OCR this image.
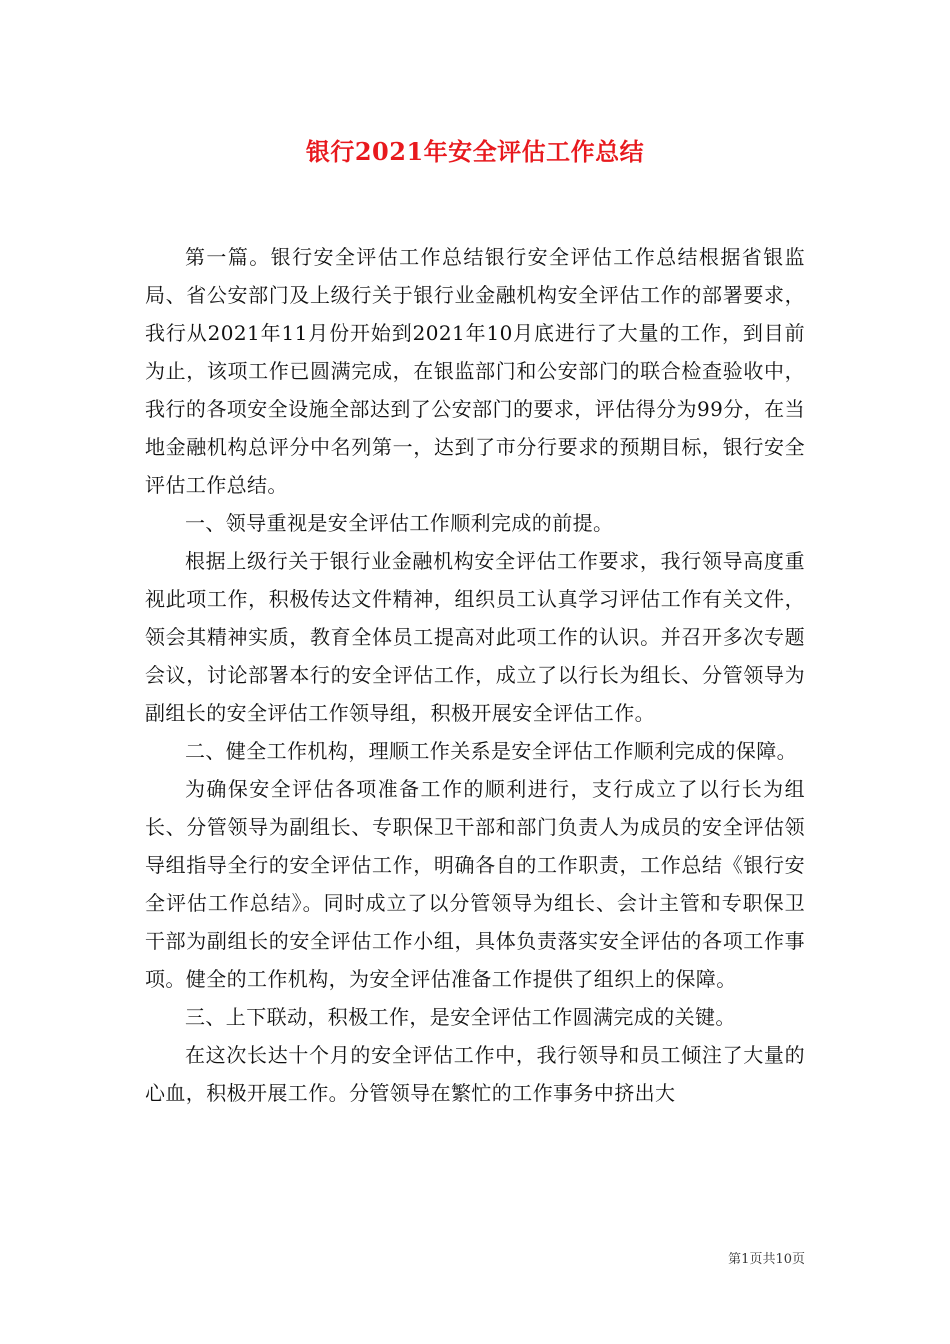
银行2021年安全评估工作总结

第一篇。银行安全评估工作总结银行安全评估工作总结根据省银监局、省公安部门及上级行关于银行业金融机构安全评估工作的部署要求，我行从2021年11月份开始到2021年10月底进行了大量的工作，到目前为止，该项工作已圆满完成，在银监部门和公安部门的联合检查验收中，我行的各项安全设施全部达到了公安部门的要求，评估得分为99分，在当地金融机构总评分中名列第一，达到了市分行要求的预期目标，银行安全评估工作总结。

一、领导重视是安全评估工作顺利完成的前提。

根据上级行关于银行业金融机构安全评估工作要求，我行领导高度重视此项工作，积极传达文件精神，组织员工认真学习评估工作有关文件，领会其精神实质，教育全体员工提高对此项工作的认识。并召开多次专题会议，讨论部署本行的安全评估工作，成立了以行长为组长、分管领导为副组长的安全评估工作领导组，积极开展安全评估工作。

二、健全工作机构，理顺工作关系是安全评估工作顺利完成的保障。

为确保安全评估各项准备工作的顺利进行，支行成立了以行长为组长、分管领导为副组长、专职保卫干部和部门负责人为成员的安全评估领导组指导全行的安全评估工作，明确各自的工作职责，工作总结《银行安全评估工作总结》。同时成立了以分管领导为组长、会计主管和专职保卫干部为副组长的安全评估工作小组，具体负责落实安全评估的各项工作事项。健全的工作机构，为安全评估准备工作提供了组织上的保障。

三、上下联动，积极工作，是安全评估工作圆满完成的关键。

在这次长达十个月的安全评估工作中，我行领导和员工倾注了大量的心血，积极开展工作。分管领导在繁忙的工作事务中挤出大

第1页共10页
